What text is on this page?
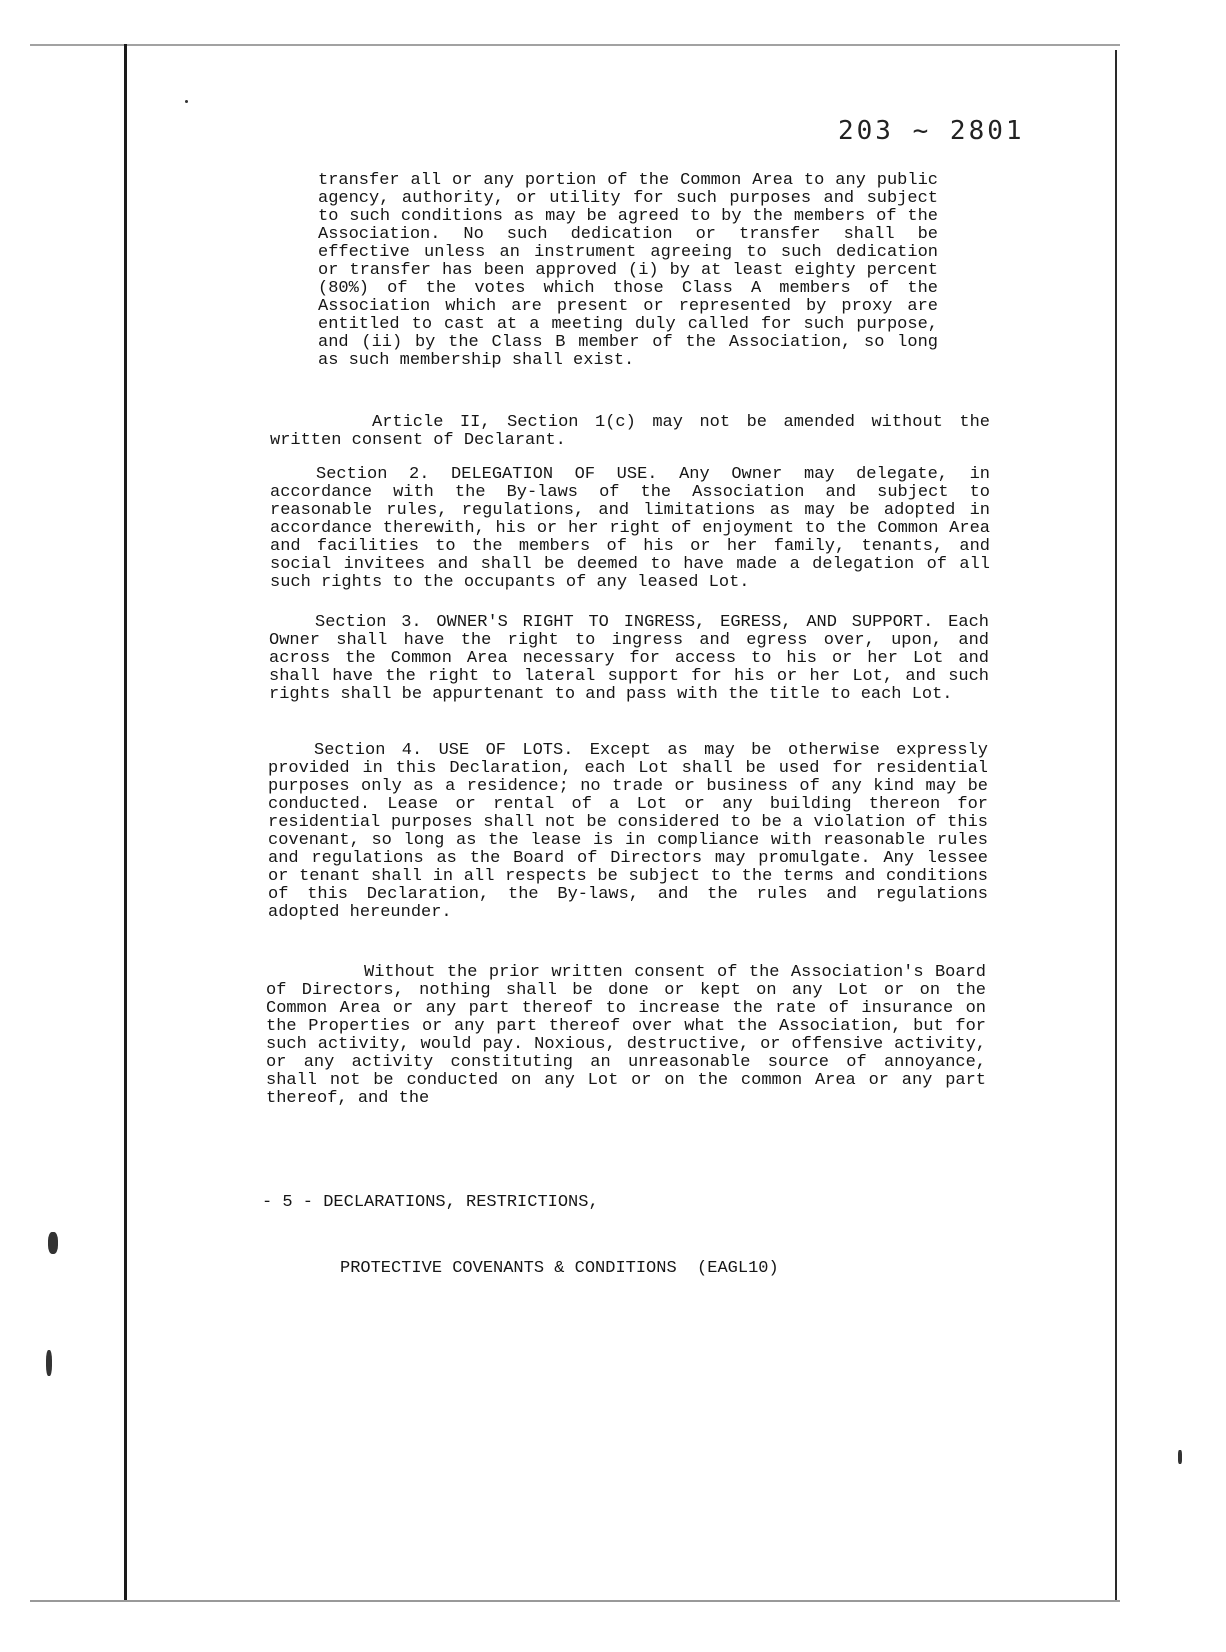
203 ~ 2801

transfer all or any portion of the Common Area to any public agency, authority, or utility for such purposes and subject to such conditions as may be agreed to by the members of the Association. No such dedication or transfer shall be effective unless an instrument agreeing to such dedication or transfer has been approved (i) by at least eighty percent (80%) of the votes which those Class A members of the Association which are present or represented by proxy are entitled to cast at a meeting duly called for such purpose, and (ii) by the Class B member of the Association, so long as such membership shall exist.

Article II, Section 1(c) may not be amended without the written consent of Declarant.

Section 2. DELEGATION OF USE. Any Owner may delegate, in accordance with the By-laws of the Association and subject to reasonable rules, regulations, and limitations as may be adopted in accordance therewith, his or her right of enjoyment to the Common Area and facilities to the members of his or her family, tenants, and social invitees and shall be deemed to have made a delegation of all such rights to the occupants of any leased Lot.

Section 3. OWNER'S RIGHT TO INGRESS, EGRESS, AND SUPPORT. Each Owner shall have the right to ingress and egress over, upon, and across the Common Area necessary for access to his or her Lot and shall have the right to lateral support for his or her Lot, and such rights shall be appurtenant to and pass with the title to each Lot.

Section 4. USE OF LOTS. Except as may be otherwise expressly provided in this Declaration, each Lot shall be used for residential purposes only as a residence; no trade or business of any kind may be conducted. Lease or rental of a Lot or any building thereon for residential purposes shall not be considered to be a violation of this covenant, so long as the lease is in compliance with reasonable rules and regulations as the Board of Directors may promulgate. Any lessee or tenant shall in all respects be subject to the terms and conditions of this Declaration, the By-laws, and the rules and regulations adopted hereunder.

Without the prior written consent of the Association's Board of Directors, nothing shall be done or kept on any Lot or on the Common Area or any part thereof to increase the rate of insurance on the Properties or any part thereof over what the Association, but for such activity, would pay. Noxious, destructive, or offensive activity, or any activity constituting an unreasonable source of annoyance, shall not be conducted on any Lot or on the common Area or any part thereof, and the

- 5 - DECLARATIONS, RESTRICTIONS,

PROTECTIVE COVENANTS & CONDITIONS  (EAGL10)
